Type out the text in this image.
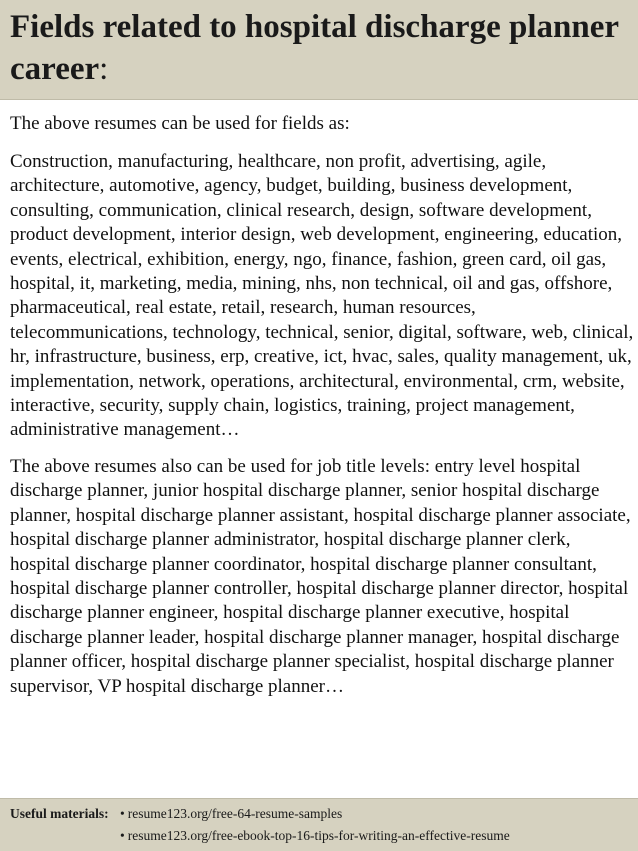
Fields related to hospital discharge planner career:

The above resumes can be used for fields as:

Construction, manufacturing, healthcare, non profit, advertising, agile, architecture, automotive, agency, budget, building, business development, consulting, communication, clinical research, design, software development, product development, interior design, web development, engineering, education, events, electrical, exhibition, energy, ngo, finance, fashion, green card, oil gas, hospital, it, marketing, media, mining, nhs, non technical, oil and gas, offshore, pharmaceutical, real estate, retail, research, human resources, telecommunications, technology, technical, senior, digital, software, web, clinical, hr, infrastructure, business, erp, creative, ict, hvac, sales, quality management, uk, implementation, network, operations, architectural, environmental, crm, website, interactive, security, supply chain, logistics, training, project management, administrative management…

The above resumes also can be used for job title levels: entry level hospital discharge planner, junior hospital discharge planner, senior hospital discharge planner, hospital discharge planner assistant, hospital discharge planner associate, hospital discharge planner administrator, hospital discharge planner clerk, hospital discharge planner coordinator, hospital discharge planner consultant, hospital discharge planner controller, hospital discharge planner director, hospital discharge planner engineer, hospital discharge planner executive, hospital discharge planner leader, hospital discharge planner manager, hospital discharge planner officer, hospital discharge planner specialist, hospital discharge planner supervisor, VP hospital discharge planner…

Useful materials: • resume123.org/free-64-resume-samples
• resume123.org/free-ebook-top-16-tips-for-writing-an-effective-resume
